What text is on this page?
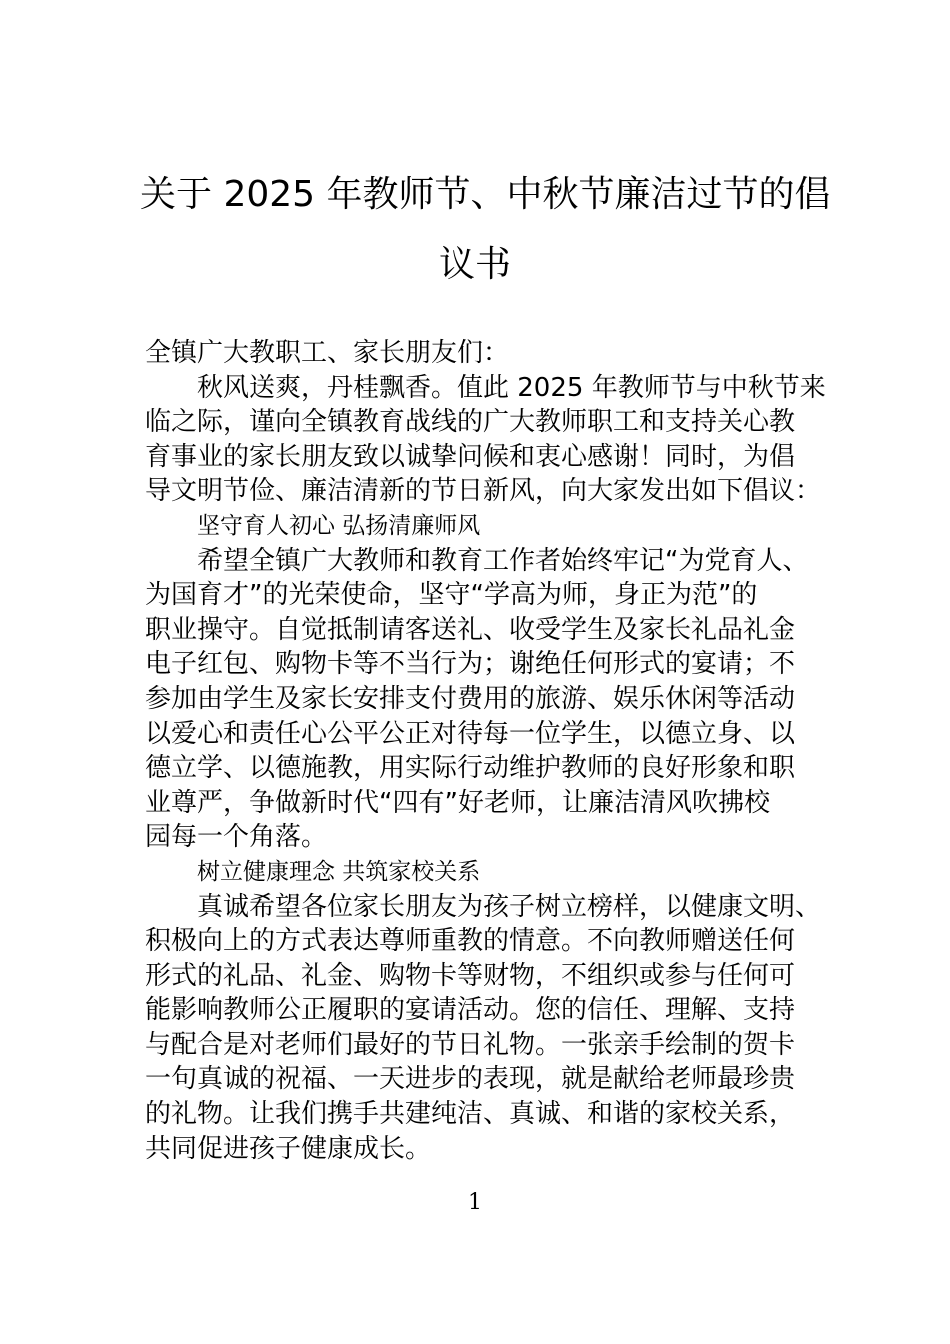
关于 2025 年教师节、中秋节廉洁过节的倡
议书

全镇广大教职工、家长朋友们：

秋风送爽，丹桂飘香。值此 2025 年教师节与中秋节来

临之际，谨向全镇教育战线的广大教师职工和支持关心教

育事业的家长朋友致以诚挚问候和衷心感谢！同时，为倡

导文明节俭、廉洁清新的节日新风，向大家发出如下倡议：

坚守育人初心 弘扬清廉师风

希望全镇广大教师和教育工作者始终牢记“为党育人、

为国育才”的光荣使命，坚守“学高为师，身正为范”的

职业操守。自觉抵制请客送礼、收受学生及家长礼品礼金

电子红包、购物卡等不当行为；谢绝任何形式的宴请；不

参加由学生及家长安排支付费用的旅游、娱乐休闲等活动

以爱心和责任心公平公正对待每一位学生，以德立身、以

德立学、以德施教，用实际行动维护教师的良好形象和职

业尊严，争做新时代“四有”好老师，让廉洁清风吹拂校

园每一个角落。

树立健康理念 共筑家校关系

真诚希望各位家长朋友为孩子树立榜样，以健康文明、

积极向上的方式表达尊师重教的情意。不向教师赠送任何

形式的礼品、礼金、购物卡等财物，不组织或参与任何可

能影响教师公正履职的宴请活动。您的信任、理解、支持

与配合是对老师们最好的节日礼物。一张亲手绘制的贺卡

一句真诚的祝福、一天进步的表现，就是献给老师最珍贵

的礼物。让我们携手共建纯洁、真诚、和谐的家校关系，

共同促进孩子健康成长。

1
